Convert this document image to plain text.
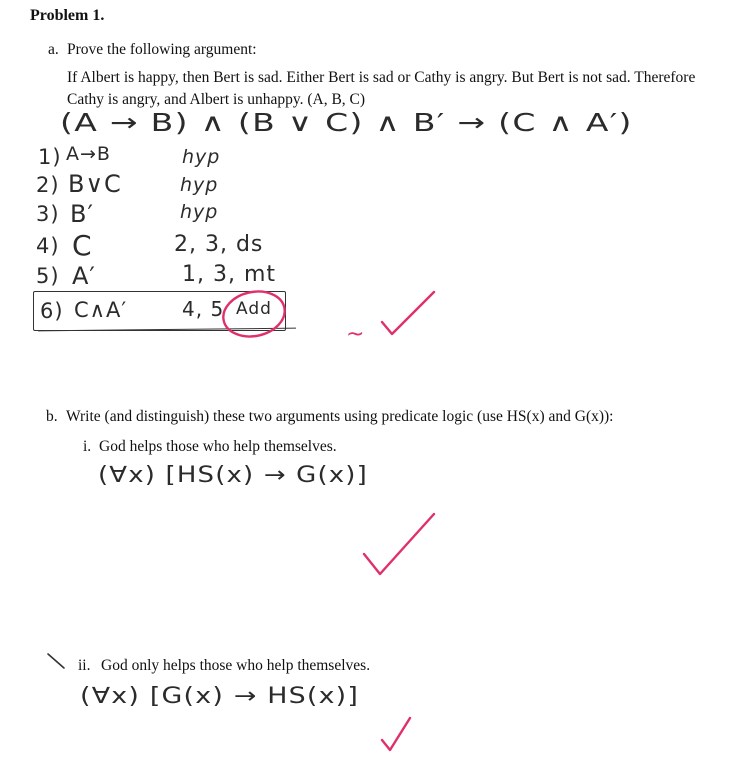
Problem 1.
a. Prove the following argument:
If Albert is happy, then Bert is sad. Either Bert is sad or Cathy is angry. But Bert is not sad. Therefore Cathy is angry, and Albert is unhappy. (A, B, C)
(A → B) ∧ (B ∨ C) ∧ B′ → (C ∧ A′)
1) A→B	hyp
2) B∨C	hyp
3) B′	hyp
4) C	2, 3, ds
5) A′	1, 3, mt
6) C∧A′	4, 5 Add
~
b. Write (and distinguish) these two arguments using predicate logic (use HS(x) and G(x)):
i. God helps those who help themselves.
(∀x) [HS(x) → G(x)]
ii. God only helps those who help themselves.
(∀x) [G(x) → HS(x)]
